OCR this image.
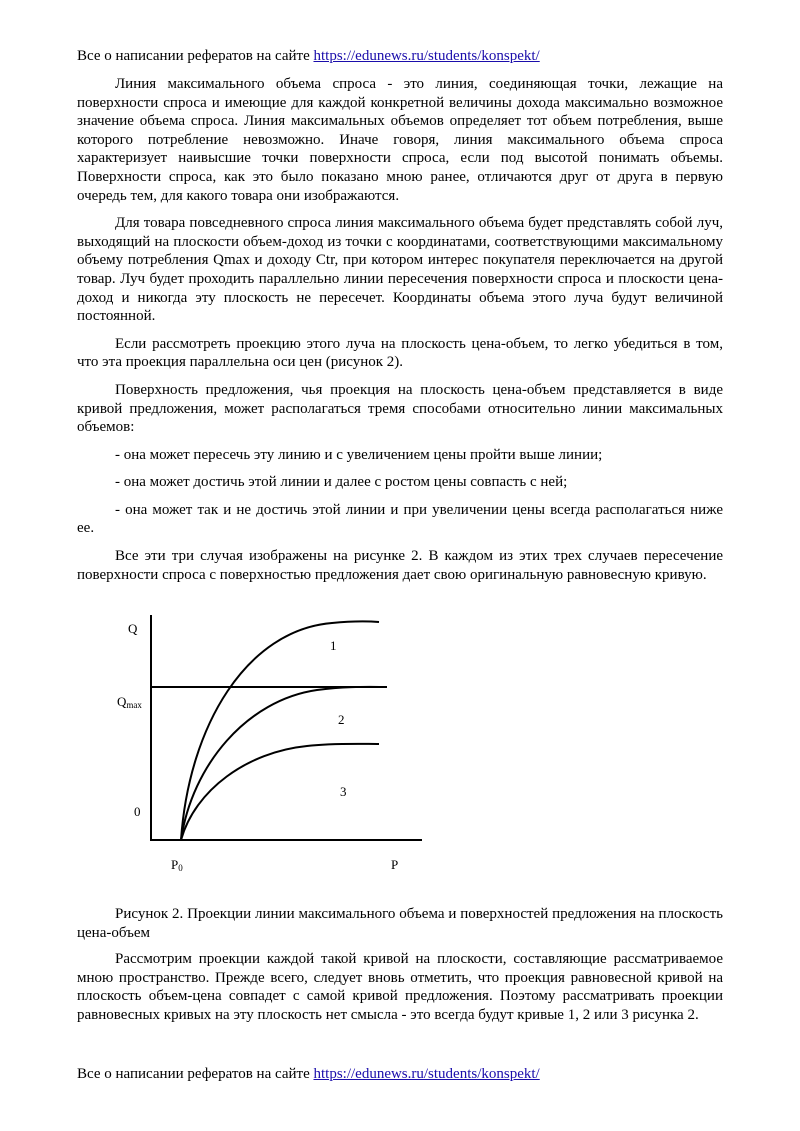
Все о написании рефератов на сайте https://edunews.ru/students/konspekt/

Линия максимального объема спроса - это линия, соединяющая точки, лежащие на поверхности спроса и имеющие для каждой конкретной величины дохода максимально возможное значение объема спроса. Линия максимальных объемов определяет тот объем потребления, выше которого потребление невозможно. Иначе говоря, линия максимального объема спроса характеризует наивысшие точки поверхности спроса, если под высотой понимать объемы. Поверхности спроса, как это было показано мною ранее, отличаются друг от друга в первую очередь тем, для какого товара они изображаются.

Для товара повседневного спроса линия максимального объема будет представлять собой луч, выходящий на плоскости объем-доход из точки с координатами, соответствующими максимальному объему потребления Qmax и доходу Ctr, при котором интерес покупателя переключается на другой товар. Луч будет проходить параллельно линии пересечения поверхности спроса и плоскости цена-доход и никогда эту плоскость не пересечет. Координаты объема этого луча будут величиной постоянной.

Если рассмотреть проекцию этого луча на плоскость цена-объем, то легко убедиться в том, что эта проекция параллельна оси цен (рисунок 2).

Поверхность предложения, чья проекция на плоскость цена-объем представляется в виде кривой предложения, может располагаться тремя способами относительно линии максимальных объемов:

- она может пересечь эту линию и с увеличением цены пройти выше линии;

- она может достичь этой линии и далее с ростом цены совпасть с ней;

- она может так и не достичь этой линии и при увеличении цены всегда располагаться ниже ее.

Все эти три случая изображены на рисунке 2. В каждом из этих трех случаев пересечение поверхности спроса с поверхностью предложения дает свою оригинальную равновесную кривую.

Q
Qmax
0
P0	P
1
2
3
Рисунок 2. Проекции линии максимального объема и поверхностей предложения на плоскость цена-объем

Рассмотрим проекции каждой такой кривой на плоскости, составляющие рассматриваемое мною пространство. Прежде всего, следует вновь отметить, что проекция равновесной кривой на плоскость объем-цена совпадет с самой кривой предложения. Поэтому рассматривать проекции равновесных кривых на эту плоскость нет смысла - это всегда будут кривые 1, 2 или 3 рисунка 2.

Все о написании рефератов на сайте https://edunews.ru/students/konspekt/
